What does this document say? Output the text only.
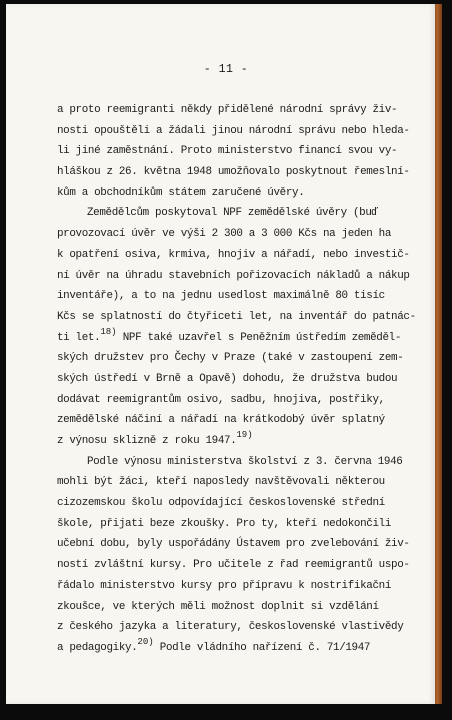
- 11 -
a proto reemigranti někdy přidělené národní správy živ-
nosti opouštěli a žádali jinou národní správu nebo hleda-
li jiné zaměstnání. Proto ministerstvo financí svou vy-
hláškou z 26. května 1948 umožňovalo poskytnout řemeslní-
kům a obchodníkům státem zaručené úvěry.
Zemědělcům poskytoval NPF zemědělské úvěry (buď
provozovací úvěr ve výši 2 300 a 3 000 Kčs na jeden ha
k opatření osiva, krmiva, hnojiv a nářadí, nebo investič-
ní úvěr na úhradu stavebních pořizovacích nákladů a nákup
inventáře), a to na jednu usedlost maximálně 80 tisíc
Kčs se splatností do čtyřiceti let, na inventář do patnác-
ti let.18) NPF také uzavřel s Peněžním ústředím zeměděl-
ských družstev pro Čechy v Praze (také v zastoupení zem-
ských ústředí v Brně a Opavě) dohodu, že družstva budou
dodávat reemigrantům osivo, sadbu, hnojiva, postřiky,
zemědělské náčiní a nářadí na krátkodobý úvěr splatný
z výnosu sklizně z roku 1947.19)
Podle výnosu ministerstva školství z 3. června 1946
mohli být žáci, kteří naposledy navštěvovali některou
cizozemskou školu odpovídající československé střední
škole, přijati beze zkoušky. Pro ty, kteří nedokončili
učební dobu, byly uspořádány Ústavem pro zvelebování živ-
ností zvláštní kursy. Pro učitele z řad reemigrantů uspo-
řádalo ministerstvo kursy pro přípravu k nostrifikační
zkoušce, ve kterých měli možnost doplnit si vzdělání
z českého jazyka a literatury, československé vlastivědy
a pedagogiky.20) Podle vládního nařízení č. 71/1947
